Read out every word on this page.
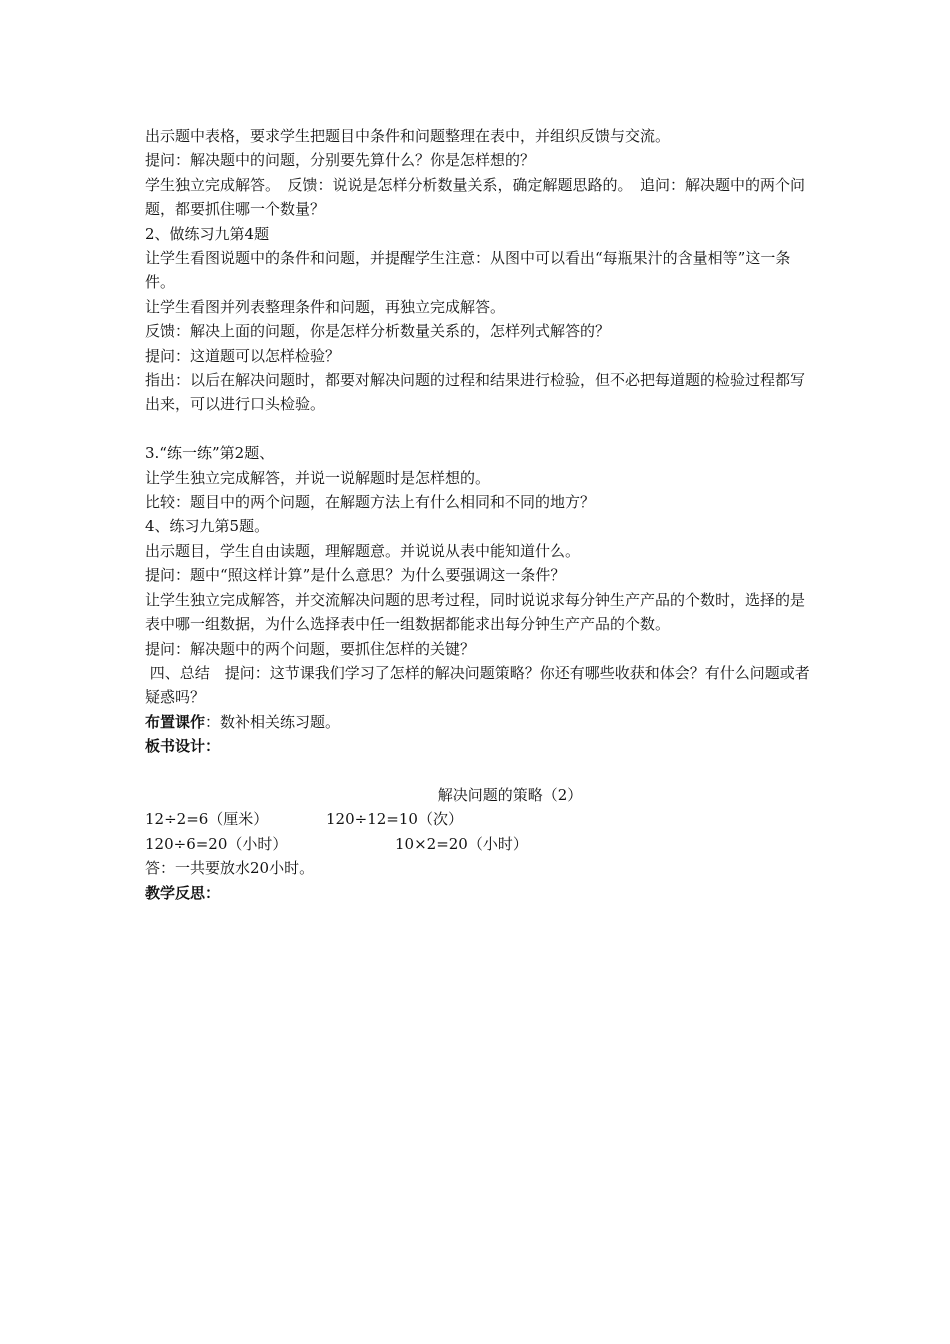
出示题中表格，要求学生把题目中条件和问题整理在表中，并组织反馈与交流。

提问：解决题中的问题，分别要先算什么？你是怎样想的？

学生独立完成解答。　反馈：说说是怎样分析数量关系，确定解题思路的。　追问：解决题中的两个问题，都要抓住哪一个数量？

2、做练习九第4题

让学生看图说题中的条件和问题，并提醒学生注意：从图中可以看出“每瓶果汁的含量相等”这一条件。

让学生看图并列表整理条件和问题，再独立完成解答。

反馈：解决上面的问题，你是怎样分析数量关系的，怎样列式解答的？

提问：这道题可以怎样检验？

指出：以后在解决问题时，都要对解决问题的过程和结果进行检验，但不必把每道题的检验过程都写出来，可以进行口头检验。

3.“练一练”第2题、

让学生独立完成解答，并说一说解题时是怎样想的。

比较：题目中的两个问题，在解题方法上有什么相同和不同的地方？

4、练习九第5题。

出示题目，学生自由读题，理解题意。并说说从表中能知道什么。

提问：题中“照这样计算”是什么意思？为什么要强调这一条件？

让学生独立完成解答，并交流解决问题的思考过程，同时说说求每分钟生产产品的个数时，选择的是表中哪一组数据，为什么选择表中任一组数据都能求出每分钟生产产品的个数。

提问：解决题中的两个问题，要抓住怎样的关键？

四、总结　提问：这节课我们学习了怎样的解决问题策略？你还有哪些收获和体会？有什么问题或者疑惑吗？

布置课作：数补相关练习题。

板书设计：

解决问题的策略（2）

12÷2=6（厘米）	120÷12=10（次）
120÷6=20（小时）	10×2=20（小时）

答：一共要放水20小时。

教学反思：
